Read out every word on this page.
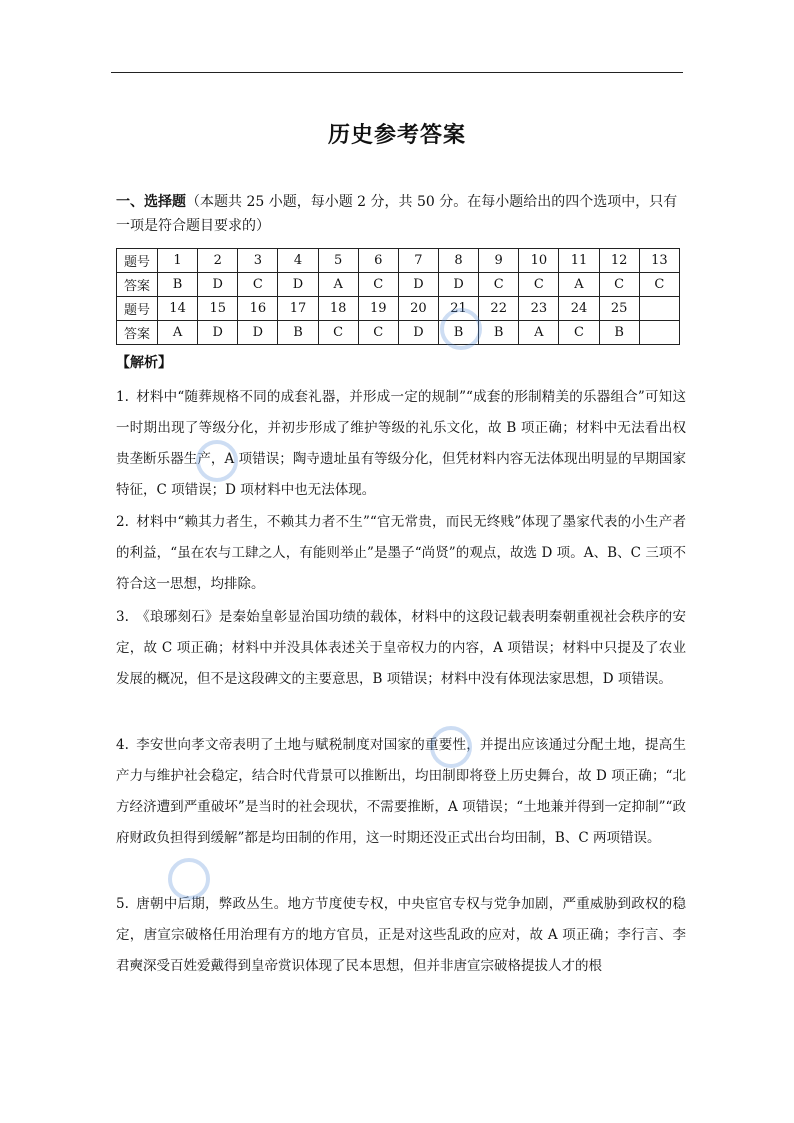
历史参考答案
一、选择题（本题共 25 小题，每小题 2 分，共 50 分。在每小题给出的四个选项中，只有一项是符合题目要求的）
题号	1	2	3	4	5	6	7	8	9	10	11	12	13
答案	B	D	C	D	A	C	D	D	C	C	A	C	C
题号	14	15	16	17	18	19	20	21	22	23	24	25	
答案	A	D	D	B	C	C	D	B	B	A	C	B	
【解析】
1. 材料中“随葬规格不同的成套礼器，并形成一定的规制”“成套的形制精美的乐器组合”可知这一时期出现了等级分化，并初步形成了维护等级的礼乐文化，故 B 项正确；材料中无法看出权贵垄断乐器生产，A 项错误；陶寺遗址虽有等级分化，但凭材料内容无法体现出明显的早期国家特征，C 项错误；D 项材料中也无法体现。
2. 材料中“赖其力者生，不赖其力者不生”“官无常贵，而民无终贱”体现了墨家代表的小生产者的利益，“虽在农与工肆之人，有能则举止”是墨子“尚贤”的观点，故选 D 项。A、B、C 三项不符合这一思想，均排除。
3. 《琅琊刻石》是秦始皇彰显治国功绩的载体，材料中的这段记载表明秦朝重视社会秩序的安定，故 C 项正确；材料中并没具体表述关于皇帝权力的内容，A 项错误；材料中只提及了农业发展的概况，但不是这段碑文的主要意思，B 项错误；材料中没有体现法家思想，D 项错误。
4. 李安世向孝文帝表明了土地与赋税制度对国家的重要性，并提出应该通过分配土地，提高生产力与维护社会稳定，结合时代背景可以推断出，均田制即将登上历史舞台，故 D 项正确；“北方经济遭到严重破坏”是当时的社会现状，不需要推断，A 项错误；“土地兼并得到一定抑制”“政府财政负担得到缓解”都是均田制的作用，这一时期还没正式出台均田制，B、C 两项错误。
5. 唐朝中后期，弊政丛生。地方节度使专权，中央宦官专权与党争加剧，严重威胁到政权的稳定，唐宣宗破格任用治理有方的地方官员，正是对这些乱政的应对，故 A 项正确；李行言、李君奭深受百姓爱戴得到皇帝赏识体现了民本思想，但并非唐宣宗破格提拔人才的根
